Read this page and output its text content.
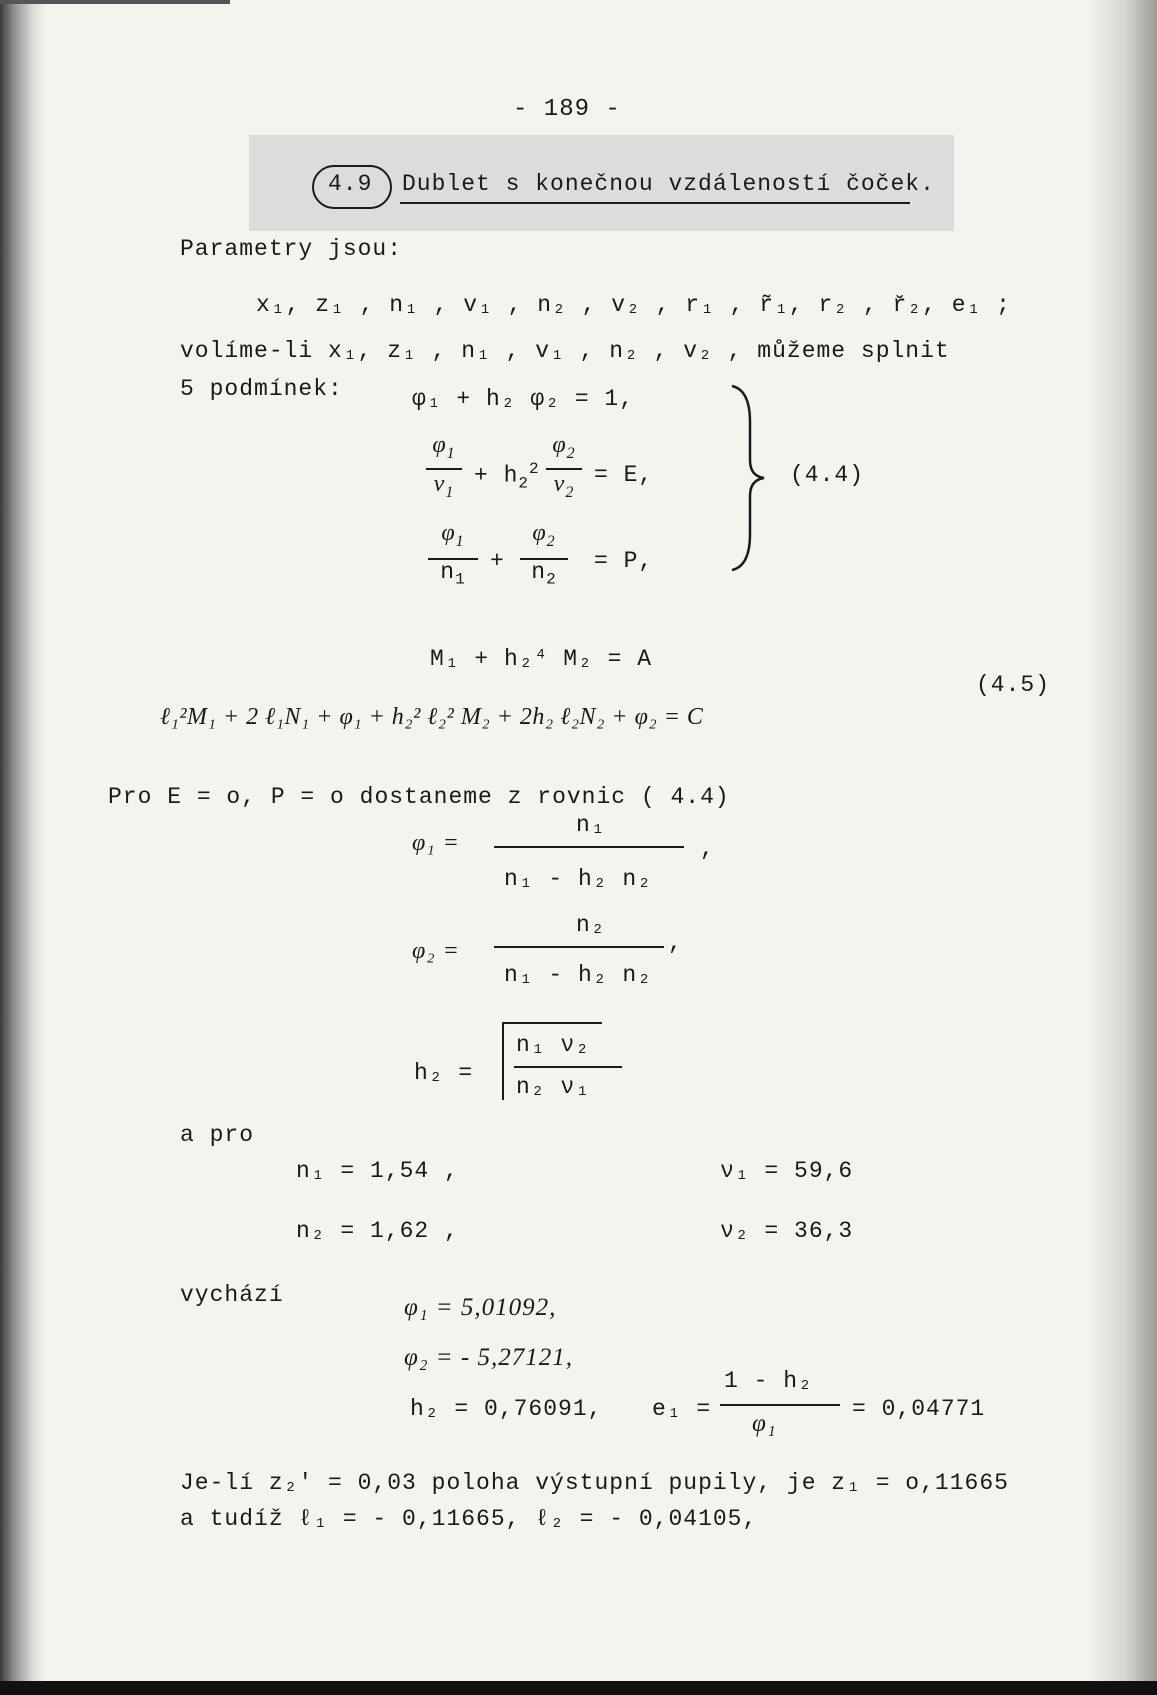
- 189 -
4.9 Dublet s konečnou vzdáleností čoček.
Parametry jsou:
x₁, z₁ , n₁ , v₁ , n₂ , v₂ , r₁ , r̃₁, r₂ , r̆₂, e₁ ;
volíme-li x₁, z₁ , n₁ , v₁ , n₂ , v₂ , můžeme splnit
5 podmínek:	φ₁ + h₂ φ₂ = 1,
$\varphi_1$
$\nu_1$
+ $h_2^2$
$\varphi_2$
$\nu_2$
= E,
$\varphi_1$
$n_1$
+
$\varphi_2$
$n_2$
= P,
(4.4)
M₁ + h₂⁴ M₂ = A
ℓ₁²M₁ + 2 ℓ₁N₁ + φ₁ + h₂² ℓ₂² M₂ + 2h₂ ℓ₂N₂ + φ₂ = C
(4.5)
Pro E = o, P = o dostaneme z rovnic ( 4.4)
φ₁ =
n₁
n₁ - h₂ n₂
,
φ₂ =
n₂
n₁ - h₂ n₂
,
h₂ =
n₁ ν₂
n₂ ν₁
a pro
n₁ = 1,54 ,
n₂ = 1,62 ,
ν₁ = 59,6
ν₂ = 36,3
vychází	φ₁ = 5,01092,
φ₂ = - 5,27121,
h₂ = 0,76091, e₁ =
1 - h₂
φ₁
= 0,04771
Je-lí z₂′ = 0,03 poloha výstupní pupily, je z₁ = o,11665
a tudíž ℓ₁ = - 0,11665, ℓ₂ = - 0,04105,
